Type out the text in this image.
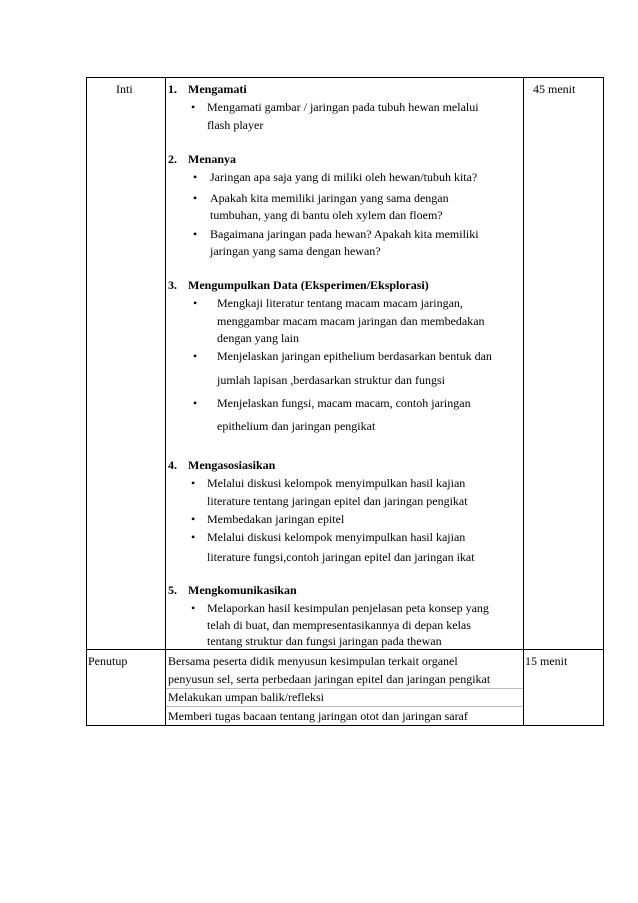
Inti	45 menit
1. Mengamati
• Mengamati gambar / jaringan pada tubuh hewan melalui
flash player
2. Menanya
• Jaringan apa saja yang di miliki oleh hewan/tubuh kita?
• Apakah kita memiliki jaringan yang sama dengan
tumbuhan, yang di bantu oleh xylem dan floem?
• Bagaimana jaringan pada hewan? Apakah kita memiliki
jaringan yang sama dengan hewan?
3. Mengumpulkan Data (Eksperimen/Eksplorasi)
• Mengkaji literatur tentang macam macam jaringan,
menggambar macam macam jaringan dan membedakan
dengan yang lain
• Menjelaskan jaringan epithelium berdasarkan bentuk dan
jumlah lapisan ,berdasarkan struktur dan fungsi
• Menjelaskan fungsi, macam macam, contoh jaringan
epithelium dan jaringan pengikat
4. Mengasosiasikan
• Melalui diskusi kelompok menyimpulkan hasil kajian
literature tentang jaringan epitel dan jaringan pengikat
• Membedakan jaringan epitel
• Melalui diskusi kelompok menyimpulkan hasil kajian
literature fungsi,contoh jaringan epitel dan jaringan ikat
5. Mengkomunikasikan
• Melaporkan hasil kesimpulan penjelasan peta konsep yang
telah di buat, dan mempresentasikannya di depan kelas
tentang struktur dan fungsi jaringan pada thewan
Penutup	15 menit
Bersama peserta didik menyusun kesimpulan terkait organel
penyusun sel, serta perbedaan jaringan epitel dan jaringan pengikat
Melakukan umpan balik/refleksi
Memberi tugas bacaan tentang jaringan otot dan jaringan saraf
